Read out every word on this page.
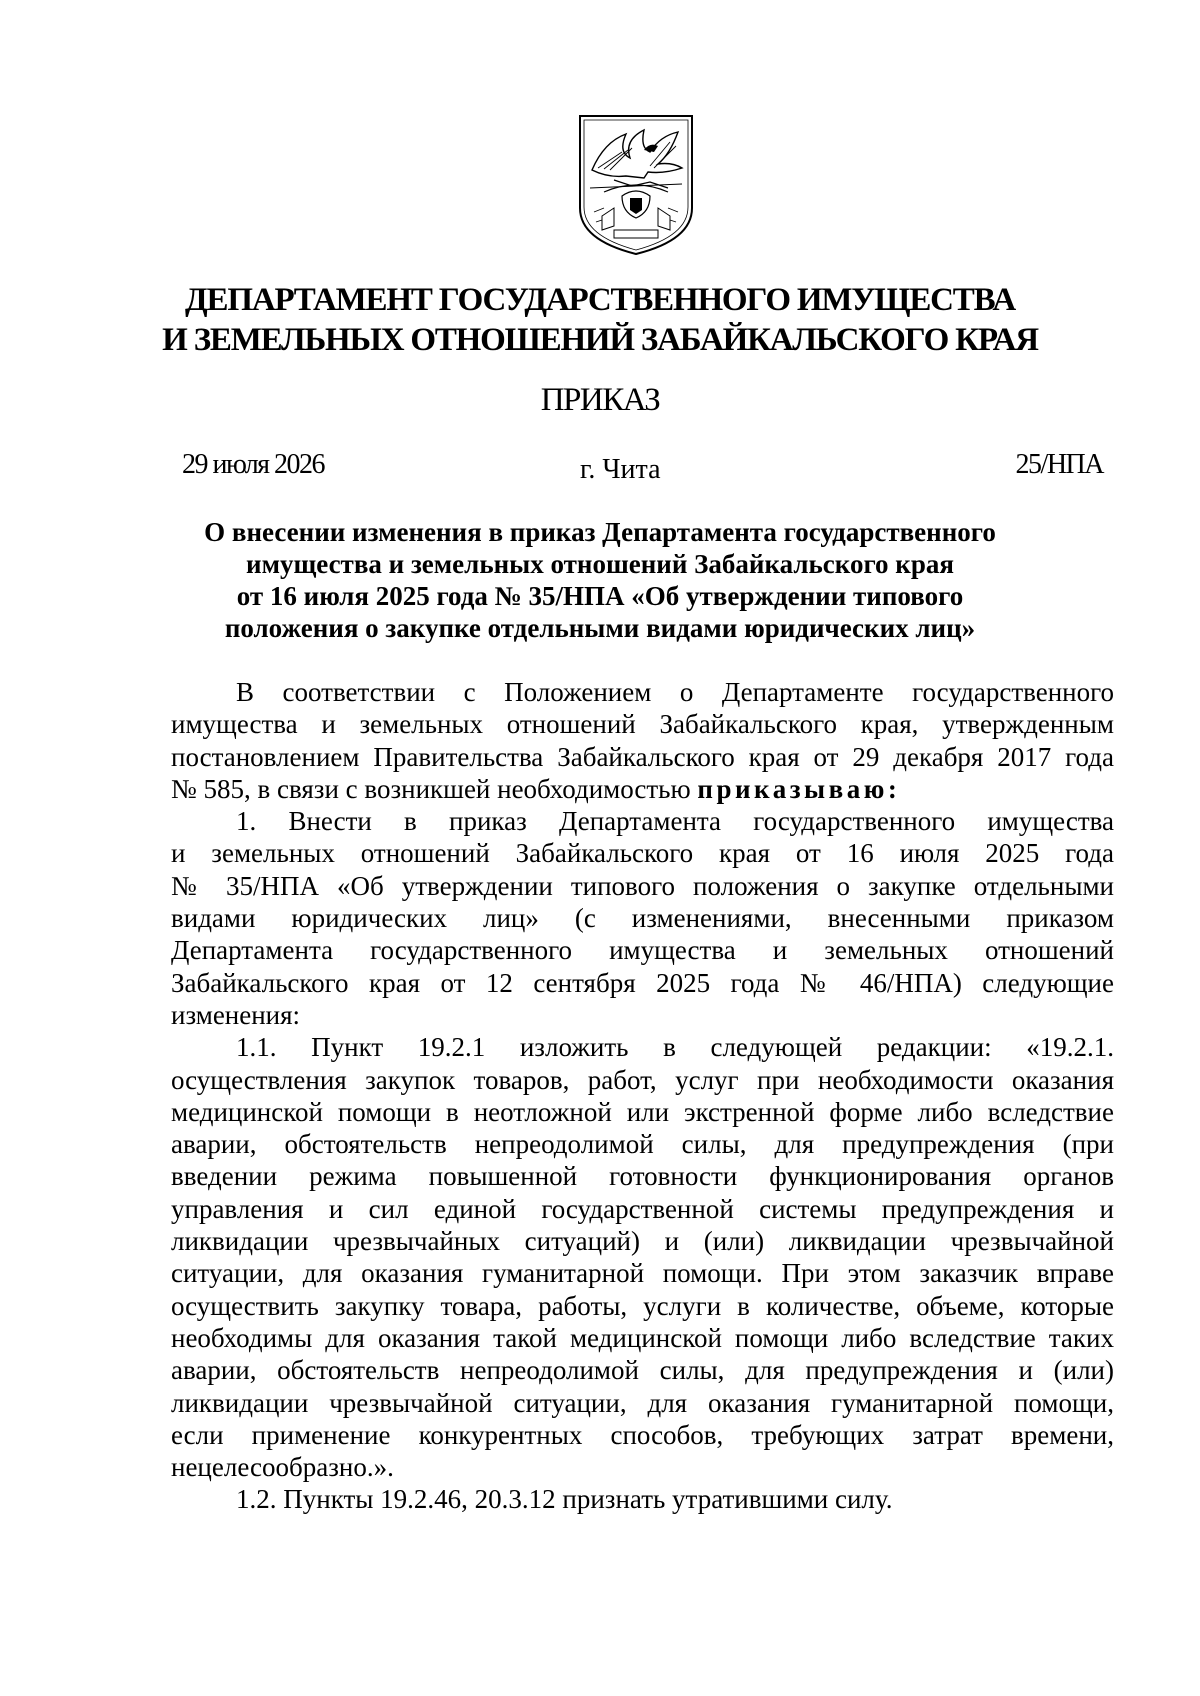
ДЕПАРТАМЕНТ ГОСУДАРСТВЕННОГО ИМУЩЕСТВА
И ЗЕМЕЛЬНЫХ ОТНОШЕНИЙ ЗАБАЙКАЛЬСКОГО КРАЯ
ПРИКАЗ
29 июля 2026	г. Чита	25/НПА
О внесении изменения в приказ Департамента государственного
имущества и земельных отношений Забайкальского края
от 16 июля 2025 года № 35/НПА «Об утверждении типового
положения о закупке отдельными видами юридических лиц»
В соответствии с Положением о Департаменте государственного
имущества и земельных отношений Забайкальского края, утвержденным
постановлением Правительства Забайкальского края от 29 декабря 2017 года
№ 585, в связи с возникшей необходимостью приказываю:
1. Внести в приказ Департамента государственного имущества
и земельных отношений Забайкальского края от 16 июля 2025 года
№ 35/НПА «Об утверждении типового положения о закупке отдельными
видами юридических лиц» (с изменениями, внесенными приказом
Департамента государственного имущества и земельных отношений
Забайкальского края от 12 сентября 2025 года № 46/НПА) следующие
изменения:
1.1. Пункт 19.2.1 изложить в следующей редакции: «19.2.1.
осуществления закупок товаров, работ, услуг при необходимости оказания
медицинской помощи в неотложной или экстренной форме либо вследствие
аварии, обстоятельств непреодолимой силы, для предупреждения (при
введении режима повышенной готовности функционирования органов
управления и сил единой государственной системы предупреждения и
ликвидации чрезвычайных ситуаций) и (или) ликвидации чрезвычайной
ситуации, для оказания гуманитарной помощи. При этом заказчик вправе
осуществить закупку товара, работы, услуги в количестве, объеме, которые
необходимы для оказания такой медицинской помощи либо вследствие таких
аварии, обстоятельств непреодолимой силы, для предупреждения и (или)
ликвидации чрезвычайной ситуации, для оказания гуманитарной помощи,
если применение конкурентных способов, требующих затрат времени,
нецелесообразно.».
1.2. Пункты 19.2.46, 20.3.12 признать утратившими силу.
